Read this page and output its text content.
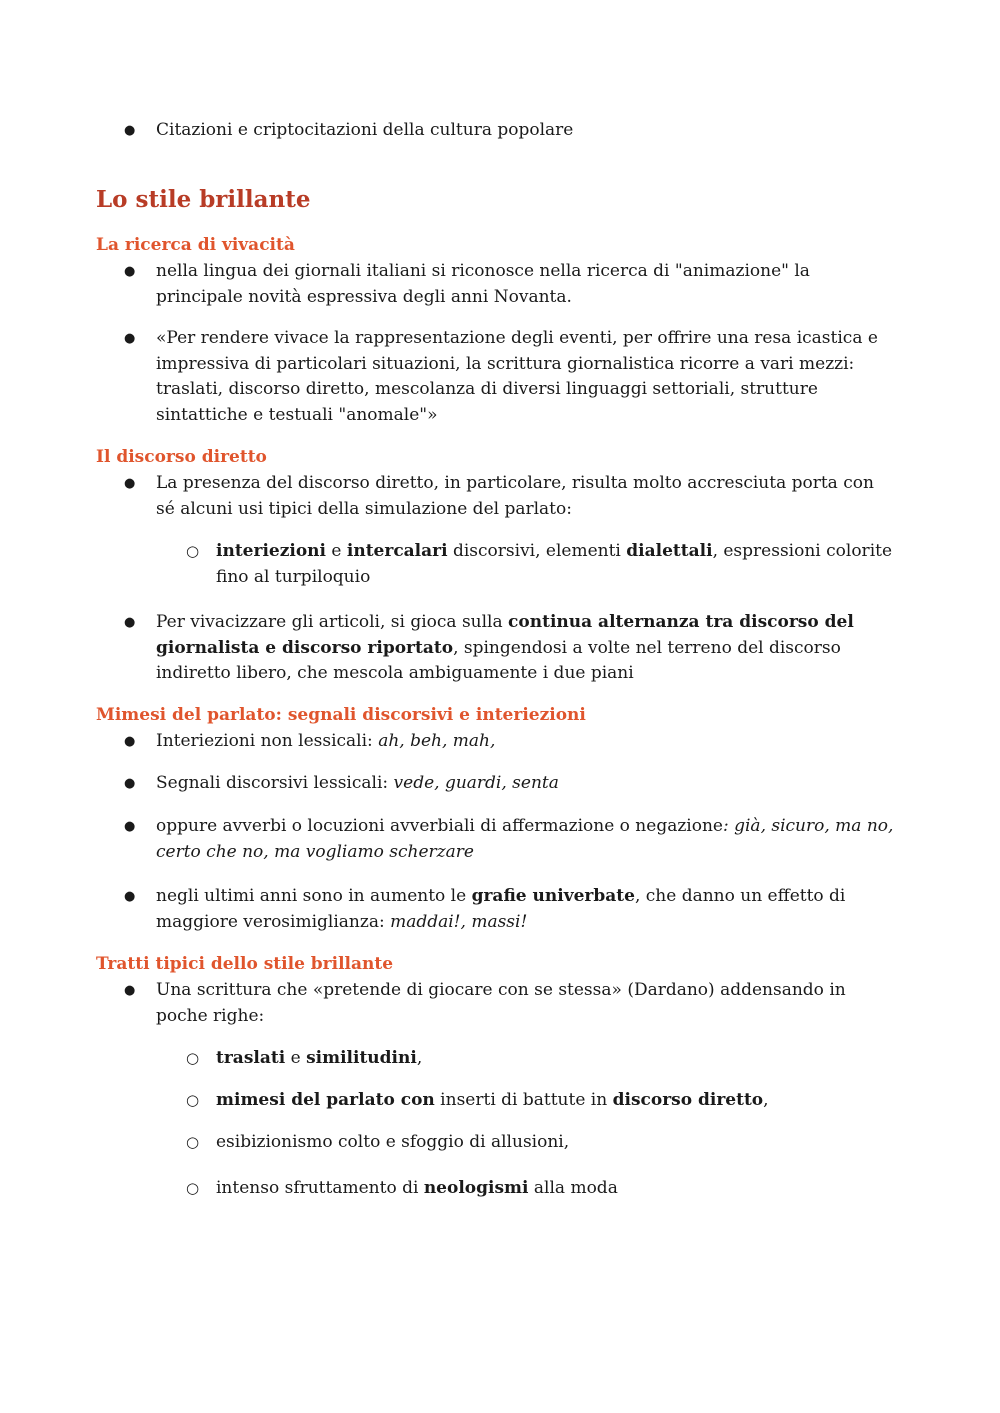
● Citazioni e criptocitazioni della cultura popolare
Lo stile brillante
La ricerca di vivacità
● nella lingua dei giornali italiani si riconosce nella ricerca di "animazione" la principale novità espressiva degli anni Novanta.
● «Per rendere vivace la rappresentazione degli eventi, per offrire una resa icastica e impressiva di particolari situazioni, la scrittura giornalistica ricorre a vari mezzi: traslati, discorso diretto, mescolanza di diversi linguaggi settoriali, strutture sintattiche e testuali "anomale"»
Il discorso diretto
● La presenza del discorso diretto, in particolare, risulta molto accresciuta porta con sé alcuni usi tipici della simulazione del parlato:
○ interiezioni e intercalari discorsivi, elementi dialettali, espressioni colorite fino al turpiloquio
● Per vivacizzare gli articoli, si gioca sulla continua alternanza tra discorso del giornalista e discorso riportato, spingendosi a volte nel terreno del discorso indiretto libero, che mescola ambiguamente i due piani
Mimesi del parlato: segnali discorsivi e interiezioni
● Interiezioni non lessicali: ah, beh, mah,
● Segnali discorsivi lessicali: vede, guardi, senta
● oppure avverbi o locuzioni avverbiali di affermazione o negazione: già, sicuro, ma no, certo che no, ma vogliamo scherzare
● negli ultimi anni sono in aumento le grafie univerbate, che danno un effetto di maggiore verosimiglianza: maddai!, massi!
Tratti tipici dello stile brillante
● Una scrittura che «pretende di giocare con se stessa» (Dardano) addensando in poche righe:
○ traslati e similitudini,
○ mimesi del parlato con inserti di battute in discorso diretto,
○ esibizionismo colto e sfoggio di allusioni,
○ intenso sfruttamento di neologismi alla moda
